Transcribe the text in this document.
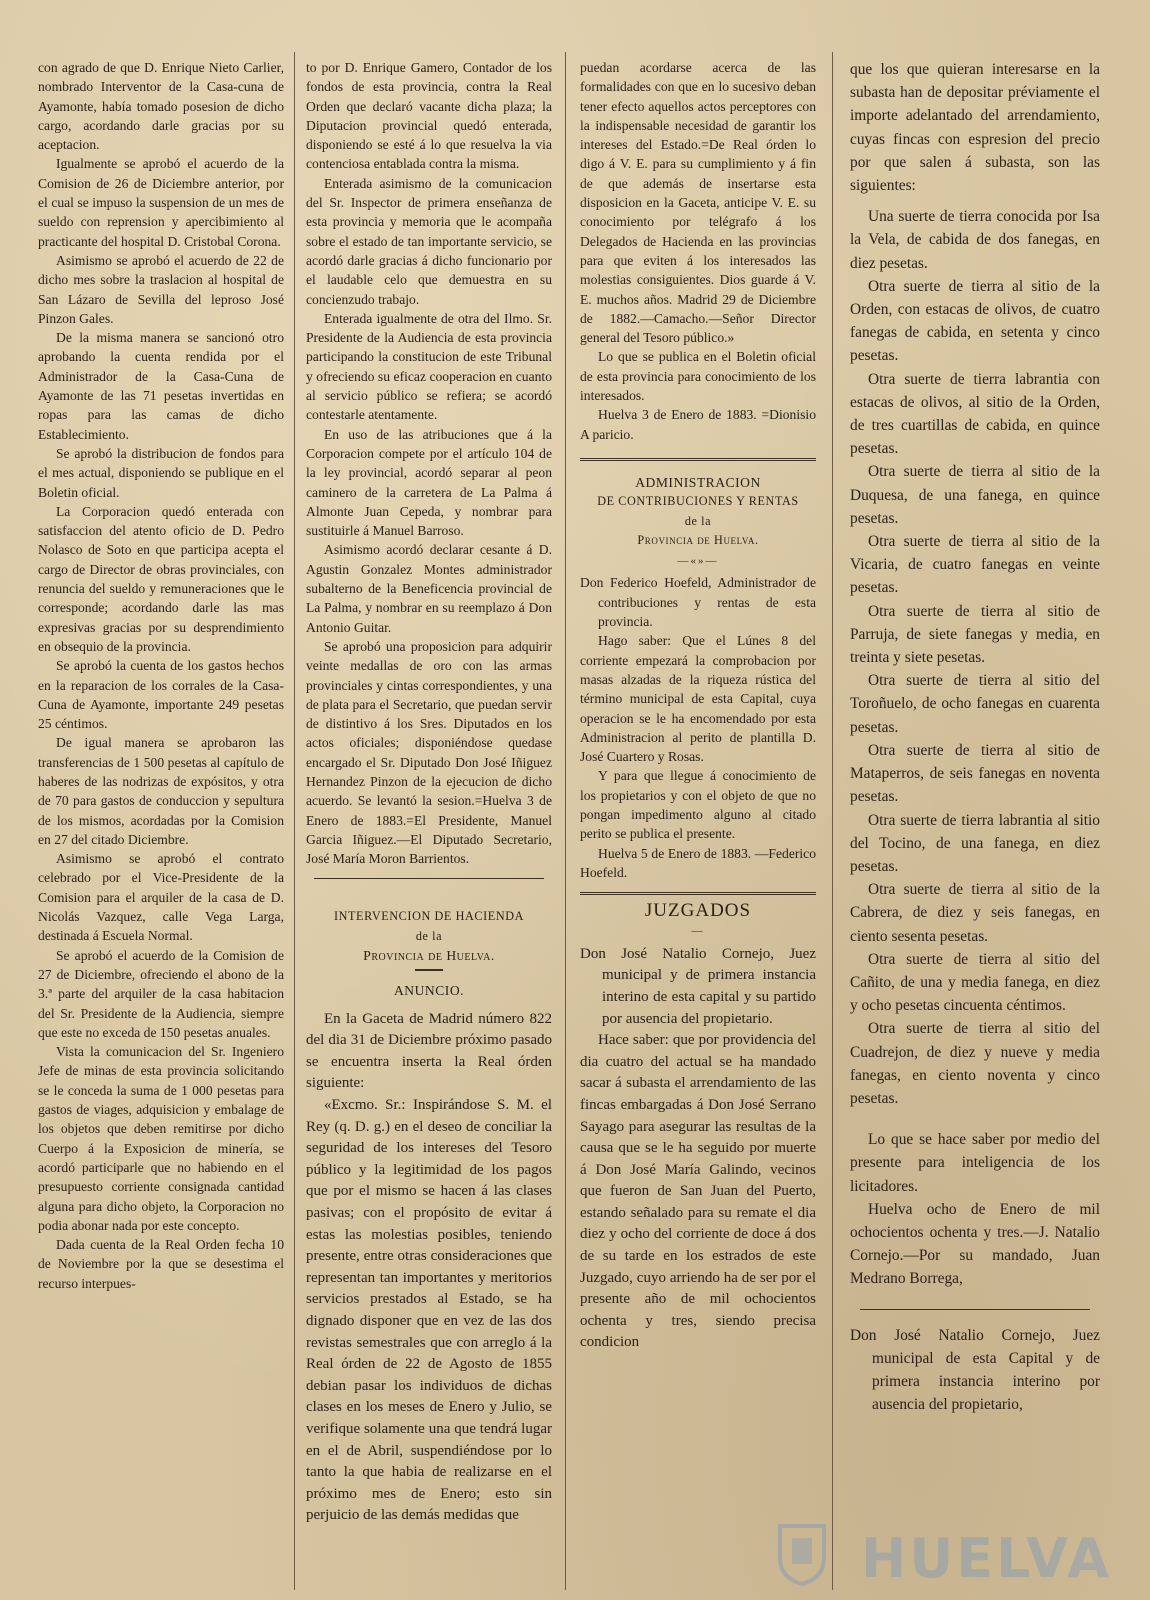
con agrado de que D. Enrique Nieto Carlier, nombrado Interventor de la Casa-cuna de Ayamonte, había tomado posesion de dicho cargo, acordando darle gracias por su aceptacion.

Igualmente se aprobó el acuerdo de la Comision de 26 de Diciembre anterior, por el cual se impuso la suspension de un mes de sueldo con reprension y apercibimiento al practicante del hospital D. Cristobal Corona.

Asimismo se aprobó el acuerdo de 22 de dicho mes sobre la traslacion al hospital de San Lázaro de Sevilla del leproso José Pinzon Gales.

De la misma manera se sancionó otro aprobando la cuenta rendida por el Administrador de la Casa-Cuna de Ayamonte de las 71 pesetas invertidas en ropas para las camas de dicho Establecimiento.

Se aprobó la distribucion de fondos para el mes actual, disponiendo se publique en el Boletin oficial.

La Corporacion quedó enterada con satisfaccion del atento oficio de D. Pedro Nolasco de Soto en que participa acepta el cargo de Director de obras provinciales, con renuncia del sueldo y remuneraciones que le corresponde; acordando darle las mas expresivas gracias por su desprendimiento en obsequio de la provincia.

Se aprobó la cuenta de los gastos hechos en la reparacion de los corrales de la Casa-Cuna de Ayamonte, importante 249 pesetas 25 céntimos.

De igual manera se aprobaron las transferencias de 1 500 pesetas al capítulo de haberes de las nodrizas de expósitos, y otra de 70 para gastos de conduccion y sepultura de los mismos, acordadas por la Comision en 27 del citado Diciembre.

Asimismo se aprobó el contrato celebrado por el Vice-Presidente de la Comision para el arquiler de la casa de D. Nicolás Vazquez, calle Vega Larga, destinada á Escuela Normal.

Se aprobó el acuerdo de la Comision de 27 de Diciembre, ofreciendo el abono de la 3.ª parte del arquiler de la casa habitacion del Sr. Presidente de la Audiencia, siempre que este no exceda de 150 pesetas anuales.

Vista la comunicacion del Sr. Ingeniero Jefe de minas de esta provincia solicitando se le conceda la suma de 1 000 pesetas para gastos de viages, adquisicion y embalage de los objetos que deben remitirse por dicho Cuerpo á la Exposicion de minería, se acordó participarle que no habiendo en el presupuesto corriente consignada cantidad alguna para dicho objeto, la Corporacion no podia abonar nada por este concepto.

Dada cuenta de la Real Orden fecha 10 de Noviembre por la que se desestima el recurso interpues-

to por D. Enrique Gamero, Contador de los fondos de esta provincia, contra la Real Orden que declaró vacante dicha plaza; la Diputacion provincial quedó enterada, disponiendo se esté á lo que resuelva la via contenciosa entablada contra la misma.

Enterada asimismo de la comunicacion del Sr. Inspector de primera enseñanza de esta provincia y memoria que le acompaña sobre el estado de tan importante servicio, se acordó darle gracias á dicho funcionario por el laudable celo que demuestra en su concienzudo trabajo.

Enterada igualmente de otra del Ilmo. Sr. Presidente de la Audiencia de esta provincia participando la constitucion de este Tribunal y ofreciendo su eficaz cooperacion en cuanto al servicio público se refiera; se acordó contestarle atentamente.

En uso de las atribuciones que á la Corporacion compete por el artículo 104 de la ley provincial, acordó separar al peon caminero de la carretera de La Palma á Almonte Juan Cepeda, y nombrar para sustituirle á Manuel Barroso.

Asimismo acordó declarar cesante á D. Agustin Gonzalez Montes administrador subalterno de la Beneficencia provincial de La Palma, y nombrar en su reemplazo á Don Antonio Guitar.

Se aprobó una proposicion para adquirir veinte medallas de oro con las armas provinciales y cintas correspondientes, y una de plata para el Secretario, que puedan servir de distintivo á los Sres. Diputados en los actos oficiales; disponiéndose quedase encargado el Sr. Diputado Don José Iñiguez Hernandez Pinzon de la ejecucion de dicho acuerdo. Se levantó la sesion.=Huelva 3 de Enero de 1883.=El Presidente, Manuel Garcia Iñiguez.—El Diputado Secretario, José María Moron Barrientos.

INTERVENCION DE HACIENDA

de la

Provincia de Huelva.

ANUNCIO.

En la Gaceta de Madrid número 822 del dia 31 de Diciembre próximo pasado se encuentra inserta la Real órden siguiente:

«Excmo. Sr.: Inspirándose S. M. el Rey (q. D. g.) en el deseo de conciliar la seguridad de los intereses del Tesoro público y la legitimidad de los pagos que por el mismo se hacen á las clases pasivas; con el propósito de evitar á estas las molestias posibles, teniendo presente, entre otras consideraciones que representan tan importantes y meritorios servicios prestados al Estado, se ha dignado disponer que en vez de las dos revistas semestrales que con arreglo á la Real órden de 22 de Agosto de 1855 debian pasar los individuos de dichas clases en los meses de Enero y Julio, se verifique solamente una que tendrá lugar en el de Abril, suspendiéndose por lo tanto la que habia de realizarse en el próximo mes de Enero; esto sin perjuicio de las demás medidas que

puedan acordarse acerca de las formalidades con que en lo sucesivo deban tener efecto aquellos actos perceptores con la indispensable necesidad de garantir los intereses del Estado.=De Real órden lo digo á V. E. para su cumplimiento y á fin de que además de insertarse esta disposicion en la Gaceta, anticipe V. E. su conocimiento por telégrafo á los Delegados de Hacienda en las provincias para que eviten á los interesados las molestias consiguientes. Dios guarde á V. E. muchos años. Madrid 29 de Diciembre de 1882.—Camacho.—Señor Director general del Tesoro público.»

Lo que se publica en el Boletin oficial de esta provincia para conocimiento de los interesados.

Huelva 3 de Enero de 1883. =Dionisio A paricio.

ADMINISTRACION

DE CONTRIBUCIONES Y RENTAS

de la

Provincia de Huelva.

—«»—

Don Federico Hoefeld, Administrador de contribuciones y rentas de esta provincia.

Hago saber: Que el Lúnes 8 del corriente empezará la comprobacion por masas alzadas de la riqueza rústica del término municipal de esta Capital, cuya operacion se le ha encomendado por esta Administracion al perito de plantilla D. José Cuartero y Rosas.

Y para que llegue á conocimiento de los propietarios y con el objeto de que no pongan impedimento alguno al citado perito se publica el presente.

Huelva 5 de Enero de 1883. —Federico Hoefeld.

JUZGADOS
—

Don José Natalio Cornejo, Juez municipal y de primera instancia interino de esta capital y su partido por ausencia del propietario.

Hace saber: que por providencia del dia cuatro del actual se ha mandado sacar á subasta el arrendamiento de las fincas embargadas á Don José Serrano Sayago para asegurar las resultas de la causa que se le ha seguido por muerte á Don José María Galindo, vecinos que fueron de San Juan del Puerto, estando señalado para su remate el dia diez y ocho del corriente de doce á dos de su tarde en los estrados de este Juzgado, cuyo arriendo ha de ser por el presente año de mil ochocientos ochenta y tres, siendo precisa condicion

que los que quieran interesarse en la subasta han de depositar préviamente el importe adelantado del arrendamiento, cuyas fincas con espresion del precio por que salen á subasta, son las siguientes:

Una suerte de tierra conocida por Isa la Vela, de cabida de dos fanegas, en diez pesetas.

Otra suerte de tierra al sitio de la Orden, con estacas de olivos, de cuatro fanegas de cabida, en setenta y cinco pesetas.

Otra suerte de tierra labrantia con estacas de olivos, al sitio de la Orden, de tres cuartillas de cabida, en quince pesetas.

Otra suerte de tierra al sitio de la Duquesa, de una fanega, en quince pesetas.

Otra suerte de tierra al sitio de la Vicaria, de cuatro fanegas en veinte pesetas.

Otra suerte de tierra al sitio de Parruja, de siete fanegas y media, en treinta y siete pesetas.

Otra suerte de tierra al sitio del Toroñuelo, de ocho fanegas en cuarenta pesetas.

Otra suerte de tierra al sitio de Mataperros, de seis fanegas en noventa pesetas.

Otra suerte de tierra labrantia al sitio del Tocino, de una fanega, en diez pesetas.

Otra suerte de tierra al sitio de la Cabrera, de diez y seis fanegas, en ciento sesenta pesetas.

Otra suerte de tierra al sitio del Cañito, de una y media fanega, en diez y ocho pesetas cincuenta céntimos.

Otra suerte de tierra al sitio del Cuadrejon, de diez y nueve y media fanegas, en ciento noventa y cinco pesetas.

Lo que se hace saber por medio del presente para inteligencia de los licitadores.

Huelva ocho de Enero de mil ochocientos ochenta y tres.—J. Natalio Cornejo.—Por su mandado, Juan Medrano Borrega,

Don José Natalio Cornejo, Juez municipal de esta Capital y de primera instancia interino por ausencia del propietario,

HUELVA
